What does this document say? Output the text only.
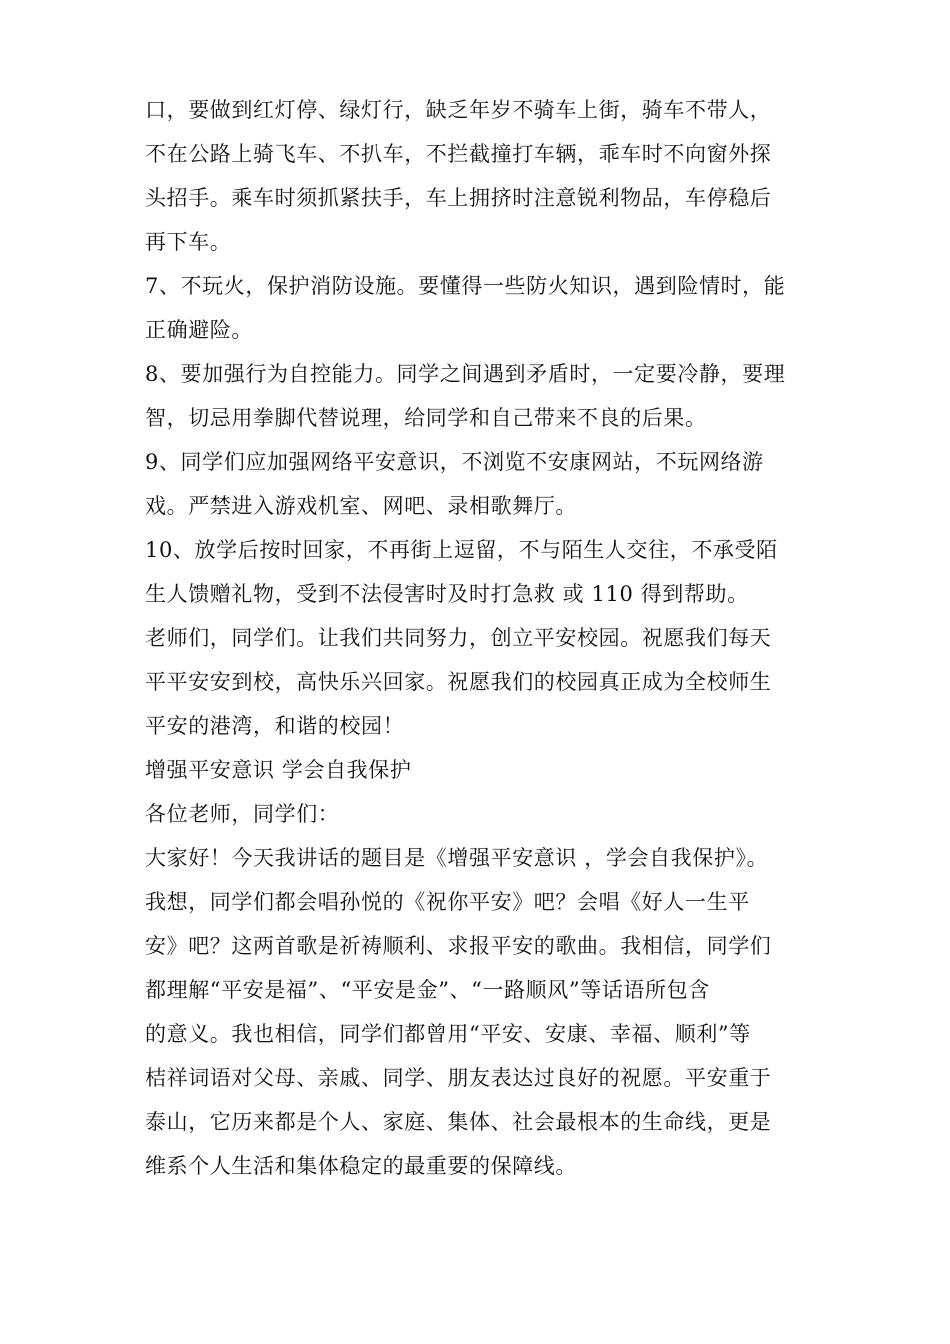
口，要做到红灯停、绿灯行，缺乏年岁不骑车上街，骑车不带人，
不在公路上骑飞车、不扒车，不拦截撞打车辆，乖车时不向窗外探
头招手。乘车时须抓紧扶手，车上拥挤时注意锐利物品，车停稳后
再下车。
7、不玩火，保护消防设施。要懂得一些防火知识，遇到险情时，能
正确避险。
8、要加强行为自控能力。同学之间遇到矛盾时，一定要冷静，要理
智，切忌用拳脚代替说理，给同学和自己带来不良的后果。
9、同学们应加强网络平安意识，不浏览不安康网站，不玩网络游
戏。严禁进入游戏机室、网吧、录相歌舞厅。
10、放学后按时回家，不再街上逗留，不与陌生人交往，不承受陌
生人馈赠礼物，受到不法侵害时及时打急救 或 110 得到帮助。
老师们，同学们。让我们共同努力，创立平安校园。祝愿我们每天
平平安安到校，高快乐兴回家。祝愿我们的校园真正成为全校师生
平安的港湾，和谐的校园！
增强平安意识 学会自我保护
各位老师，同学们：
大家好！今天我讲话的题目是《增强平安意识 ，学会自我保护》。
我想，同学们都会唱孙悦的《祝你平安》吧？会唱《好人一生平
安》吧？这两首歌是祈祷顺利、求报平安的歌曲。我相信，同学们
都理解“平安是福”、“平安是金”、“一路顺风”等话语所包含
的意义。我也相信，同学们都曾用“平安、安康、幸福、顺利”等
桔祥词语对父母、亲戚、同学、朋友表达过良好的祝愿。平安重于
泰山，它历来都是个人、家庭、集体、社会最根本的生命线，更是
维系个人生活和集体稳定的最重要的保障线。
